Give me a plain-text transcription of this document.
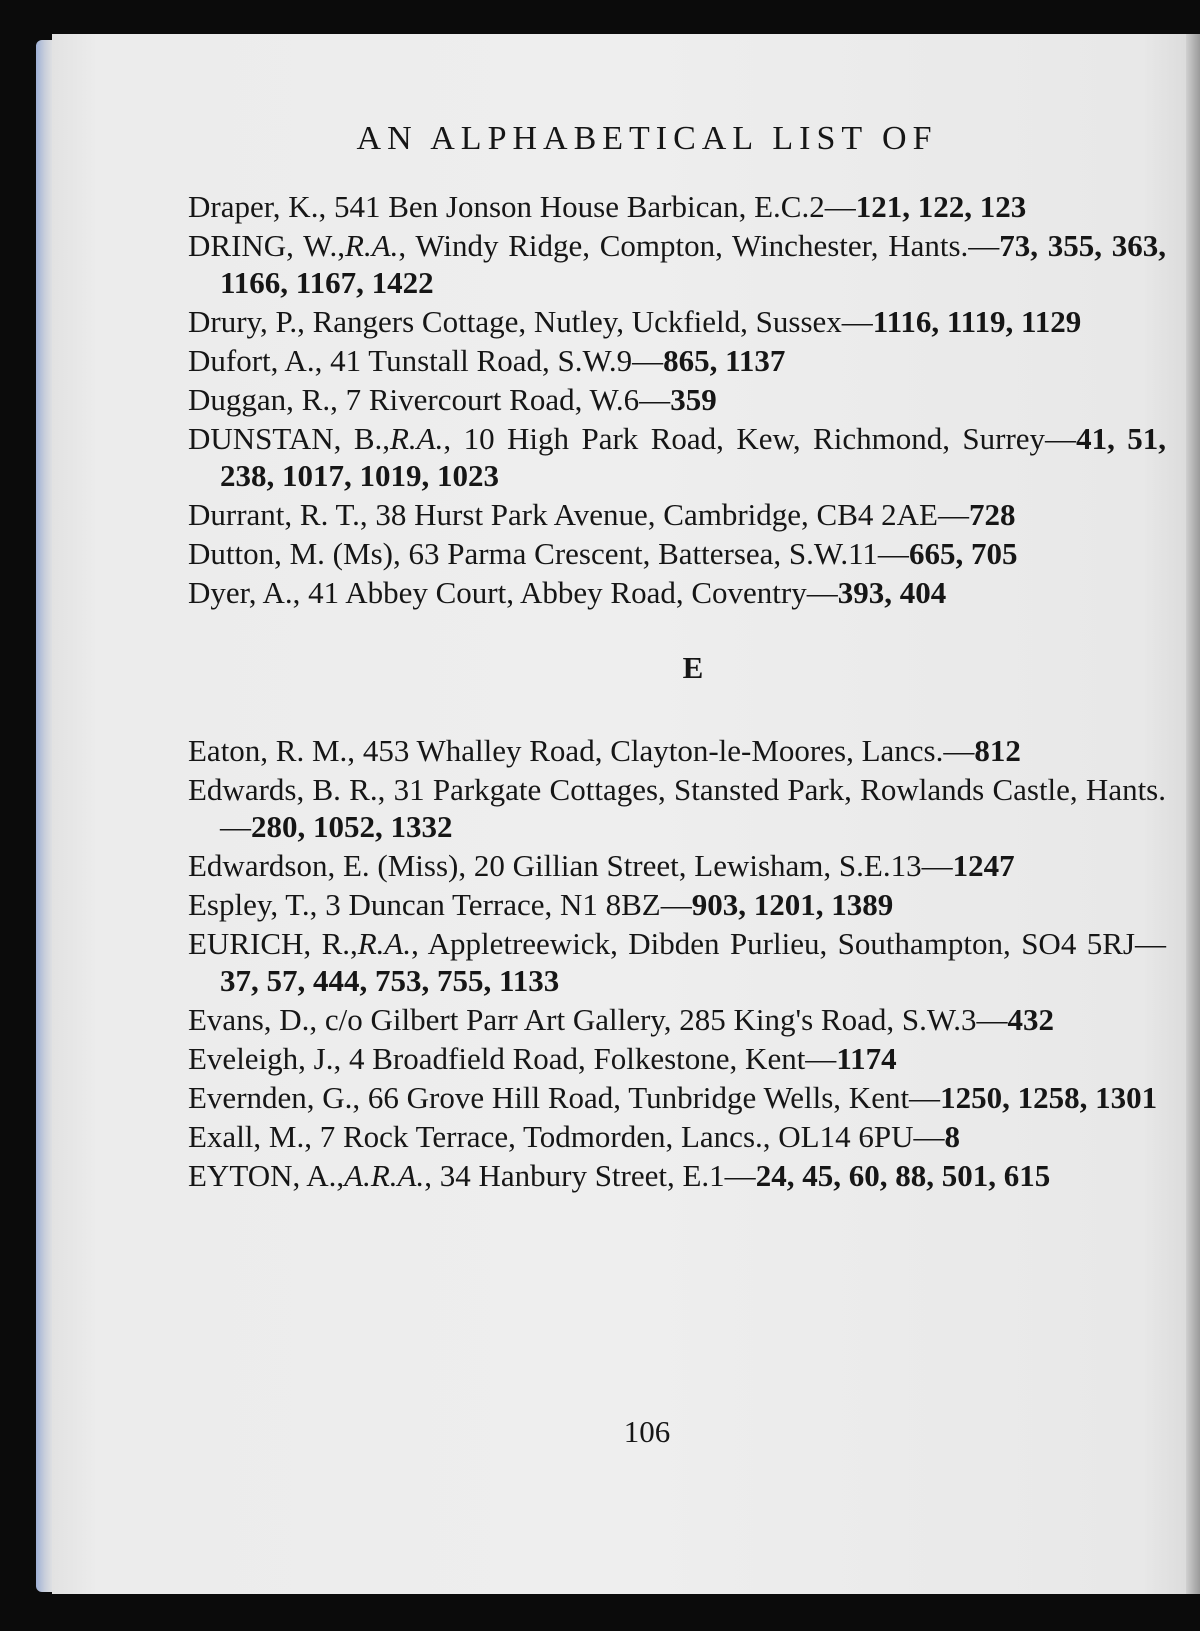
AN ALPHABETICAL LIST OF
Draper, K., 541 Ben Jonson House Barbican, E.C.2—121, 122, 123
DRING, W.,R.A., Windy Ridge, Compton, Winchester, Hants.—73, 355, 363, 1166, 1167, 1422
Drury, P., Rangers Cottage, Nutley, Uckfield, Sussex—1116, 1119, 1129
Dufort, A., 41 Tunstall Road, S.W.9—865, 1137
Duggan, R., 7 Rivercourt Road, W.6—359
DUNSTAN, B.,R.A., 10 High Park Road, Kew, Richmond, Surrey—41, 51, 238, 1017, 1019, 1023
Durrant, R. T., 38 Hurst Park Avenue, Cambridge, CB4 2AE—728
Dutton, M. (Ms), 63 Parma Crescent, Battersea, S.W.11—665, 705
Dyer, A., 41 Abbey Court, Abbey Road, Coventry—393, 404
E
Eaton, R. M., 453 Whalley Road, Clayton-le-Moores, Lancs.—812
Edwards, B. R., 31 Parkgate Cottages, Stansted Park, Rowlands Castle, Hants.—280, 1052, 1332
Edwardson, E. (Miss), 20 Gillian Street, Lewisham, S.E.13—1247
Espley, T., 3 Duncan Terrace, N1 8BZ—903, 1201, 1389
EURICH, R.,R.A., Appletreewick, Dibden Purlieu, Southampton, SO4 5RJ—37, 57, 444, 753, 755, 1133
Evans, D., c/o Gilbert Parr Art Gallery, 285 King's Road, S.W.3—432
Eveleigh, J., 4 Broadfield Road, Folkestone, Kent—1174
Evernden, G., 66 Grove Hill Road, Tunbridge Wells, Kent—1250, 1258, 1301
Exall, M., 7 Rock Terrace, Todmorden, Lancs., OL14 6PU—8
EYTON, A.,A.R.A., 34 Hanbury Street, E.1—24, 45, 60, 88, 501, 615
106
